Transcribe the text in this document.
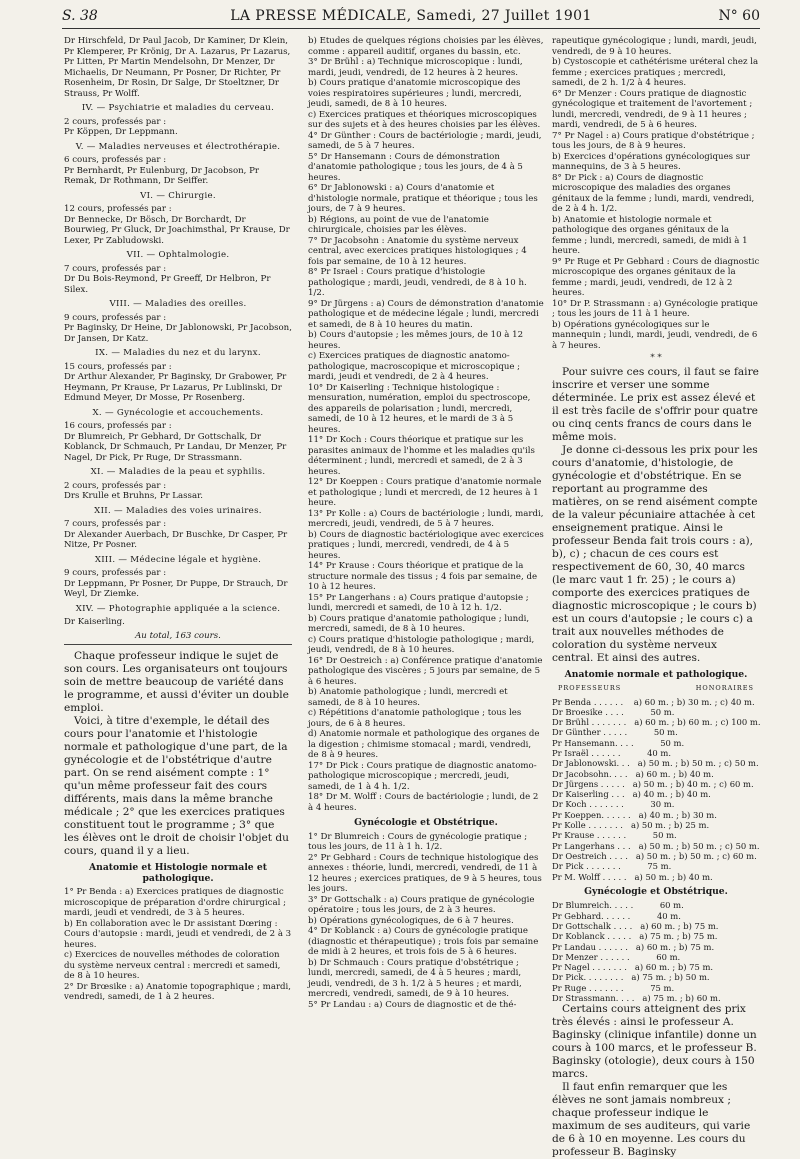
S. 38	LA PRESSE MÉDICALE, Samedi, 27 Juillet 1901	N° 60
Dr Hirschfeld, Dr Paul Jacob, Dr Kaminer, Dr Klein, Pr Klemperer, Pr Krönig, Dr A. Lazarus, Pr Lazarus, Pr Litten, Pr Martin Mendelsohn, Dr Menzer, Dr Michaelis, Dr Neumann, Pr Posner, Dr Richter, Pr Rosenheim, Dr Rosin, Dr Salge, Dr Stoeltzner, Dr Strauss, Pr Wolff.
IV. — Psychiatrie et maladies du cerveau.
2 cours, professés par :
Pr Köppen, Dr Leppmann.
V. — Maladies nerveuses et électrothérapie.
6 cours, professés par :
Pr Bernhardt, Pr Eulenburg, Dr Jacobson, Pr Remak, Dr Rothmann, Dr Seiffer.
VI. — Chirurgie.
12 cours, professés par :
Dr Bennecke, Dr Bösch, Dr Borchardt, Dr Bourwieg, Pr Gluck, Dr Joachimsthal, Pr Krause, Dr Lexer, Pr Zabludowski.
VII. — Ophtalmologie.
7 cours, professés par :
Dr Du Bois-Reymond, Pr Greeff, Dr Helbron, Pr Silex.
VIII. — Maladies des oreilles.
9 cours, professés par :
Pr Baginsky, Dr Heine, Dr Jablonowski, Pr Jacobson, Dr Jansen, Dr Katz.
IX. — Maladies du nez et du larynx.
15 cours, professés par :
Dr Arthur Alexander, Pr Baginsky, Dr Grabower, Pr Heymann, Pr Krause, Pr Lazarus, Pr Lublinski, Dr Edmund Meyer, Dr Mosse, Pr Rosenberg.
X. — Gynécologie et accouchements.
16 cours, professés par :
Dr Blumreich, Pr Gebhard, Dr Gottschalk, Dr Koblanck, Dr Schmauch, Pr Landau, Dr Menzer, Pr Nagel, Dr Pick, Pr Ruge, Dr Strassmann.
XI. — Maladies de la peau et syphilis.
2 cours, professés par :
Drs Krulle et Bruhns, Pr Lassar.
XII. — Maladies des voies urinaires.
7 cours, professés par :
Dr Alexander Auerbach, Dr Buschke, Dr Casper, Pr Nitze, Pr Posner.
XIII. — Médecine légale et hygiène.
9 cours, professés par :
Dr Leppmann, Pr Posner, Dr Puppe, Dr Strauch, Dr Weyl, Dr Ziemke.
XIV. — Photographie appliquée a la science.
Dr Kaiserling.
Au total, 163 cours.
Chaque professeur indique le sujet de son cours. Les organisateurs ont toujours soin de mettre beaucoup de variété dans le programme, et aussi d'éviter un double emploi.
Voici, à titre d'exemple, le détail des cours pour l'anatomie et l'histologie normale et pathologique d'une part, de la gynécologie et de l'obstétrique d'autre part. On se rend aisément compte : 1° qu'un même professeur fait des cours différents, mais dans la même branche médicale ; 2° que les exercices pratiques constituent tout le programme ; 3° que les élèves ont le droit de choisir l'objet du cours, quand il y a lieu.
Anatomie et Histologie normale et pathologique.
1° Pr Benda : a) Exercices pratiques de diagnostic microscopique de préparation d'ordre chirurgical ; mardi, jeudi et vendredi, de 3 à 5 heures.
b) En collaboration avec le Dr assistant Dœring : Cours d'autopsie : mardi, jeudi et vendredi, de 2 à 3 heures.
c) Exercices de nouvelles méthodes de coloration du système nerveux central : mercredi et samedi, de 8 à 10 heures.
2° Dr Brœsike : a) Anatomie topographique ; mardi, vendredi, samedi, de 1 à 2 heures.
b) Etudes de quelques régions choisies par les élèves, comme : appareil auditif, organes du bassin, etc.
3° Dr Brühl : a) Technique microscopique : lundi, mardi, jeudi, vendredi, de 12 heures à 2 heures.
b) Cours pratique d'anatomie microscopique des voies respiratoires supérieures ; lundi, mercredi, jeudi, samedi, de 8 à 10 heures.
c) Exercices pratiques et théoriques microscopiques sur des sujets et à des heures choisies par les élèves.
4° Dr Günther : Cours de bactériologie ; mardi, jeudi, samedi, de 5 à 7 heures.
5° Dr Hansemann : Cours de démonstration d'anatomie pathologique ; tous les jours, de 4 à 5 heures.
6° Dr Jablonowski : a) Cours d'anatomie et d'histologie normale, pratique et théorique ; tous les jours, de 7 à 9 heures.
b) Régions, au point de vue de l'anatomie chirurgicale, choisies par les élèves.
7° Dr Jacobsohn : Anatomie du système nerveux central, avec exercices pratiques histologiques ; 4 fois par semaine, de 10 à 12 heures.
8° Pr Israel : Cours pratique d'histologie pathologique ; mardi, jeudi, vendredi, de 8 à 10 h. 1/2.
9° Dr Jürgens : a) Cours de démonstration d'anatomie pathologique et de médecine légale ; lundi, mercredi et samedi, de 8 à 10 heures du matin.
b) Cours d'autopsie ; les mêmes jours, de 10 à 12 heures.
c) Exercices pratiques de diagnostic anatomo-pathologique, macroscopique et microscopique ; mardi, jeudi et vendredi, de 2 à 4 heures.
10° Dr Kaiserling : Technique histologique : mensuration, numération, emploi du spectroscope, des appareils de polarisation ; lundi, mercredi, samedi, de 10 à 12 heures, et le mardi de 3 à 5 heures.
11° Dr Koch : Cours théorique et pratique sur les parasites animaux de l'homme et les maladies qu'ils déterminent ; lundi, mercredi et samedi, de 2 à 3 heures.
12° Dr Koeppen : Cours pratique d'anatomie normale et pathologique ; lundi et mercredi, de 12 heures à 1 heure.
13° Pr Kolle : a) Cours de bactériologie ; lundi, mardi, mercredi, jeudi, vendredi, de 5 à 7 heures.
b) Cours de diagnostic bactériologique avec exercices pratiques ; lundi, mercredi, vendredi, de 4 à 5 heures.
14° Pr Krause : Cours théorique et pratique de la structure normale des tissus ; 4 fois par semaine, de 10 à 12 heures.
15° Pr Langerhans : a) Cours pratique d'autopsie ; lundi, mercredi et samedi, de 10 à 12 h. 1/2.
b) Cours pratique d'anatomie pathologique ; lundi, mercredi, samedi, de 8 à 10 heures.
c) Cours pratique d'histologie pathologique ; mardi, jeudi, vendredi, de 8 à 10 heures.
16° Dr Oestreich : a) Conférence pratique d'anatomie pathologique des viscères ; 5 jours par semaine, de 5 à 6 heures.
b) Anatomie pathologique ; lundi, mercredi et samedi, de 8 à 10 heures.
c) Répétitions d'anatomie pathologique ; tous les jours, de 6 à 8 heures.
d) Anatomie normale et pathologique des organes de la digestion ; chimisme stomacal ; mardi, vendredi, de 8 à 9 heures.
17° Dr Pick : Cours pratique de diagnostic anatomo-pathologique microscopique ; mercredi, jeudi, samedi, de 1 à 4 h. 1/2.
18° Dr M. Wolff : Cours de bactériologie ; lundi, de 2 à 4 heures.
Gynécologie et Obstétrique.
1° Dr Blumreich : Cours de gynécologie pratique ; tous les jours, de 11 à 1 h. 1/2.
2° Pr Gebhard : Cours de technique histologique des annexes : théorie, lundi, mercredi, vendredi, de 11 à 12 heures ; exercices pratiques, de 9 à 5 heures, tous les jours.
3° Dr Gottschalk : a) Cours pratique de gynécologie opératoire ; tous les jours, de 2 à 3 heures.
b) Opérations gynécologiques, de 6 à 7 heures.
4° Dr Koblanck : a) Cours de gynécologie pratique (diagnostic et thérapeutique) ; trois fois par semaine de midi à 2 heures, et trois fois de 5 à 6 heures.
b) Dr Schmauch : Cours pratique d'obstétrique ; lundi, mercredi, samedi, de 4 à 5 heures ; mardi, jeudi, vendredi, de 3 h. 1/2 à 5 heures ; et mardi, mercredi, vendredi, samedi, de 9 à 10 heures.
5° Pr Landau : a) Cours de diagnostic et de thé-
rapeutique gynécologique ; lundi, mardi, jeudi, vendredi, de 9 à 10 heures.
b) Cystoscopie et cathétérisme uréteral chez la femme ; exercices pratiques ; mercredi, samedi, de 2 h. 1/2 à 4 heures.
6° Dr Menzer : Cours pratique de diagnostic gynécologique et traitement de l'avortement ; lundi, mercredi, vendredi, de 9 à 11 heures ; mardi, vendredi, de 5 à 6 heures.
7° Pr Nagel : a) Cours pratique d'obstétrique ; tous les jours, de 8 à 9 heures.
b) Exercices d'opérations gynécologiques sur mannequins, de 3 à 5 heures.
8° Dr Pick : a) Cours de diagnostic microscopique des maladies des organes génitaux de la femme ; lundi, mardi, vendredi, de 2 à 4 h. 1/2.
b) Anatomie et histologie normale et pathologique des organes génitaux de la femme ; lundi, mercredi, samedi, de midi à 1 heure.
9° Pr Ruge et Pr Gebhard : Cours de diagnostic microscopique des organes génitaux de la femme ; mardi, jeudi, vendredi, de 12 à 2 heures.
10° Dr P. Strassmann : a) Gynécologie pratique ; tous les jours de 11 à 1 heure.
b) Opérations gynécologiques sur le mannequin ; lundi, mardi, jeudi, vendredi, de 6 à 7 heures.
* *
Pour suivre ces cours, il faut se faire inscrire et verser une somme déterminée. Le prix est assez élevé et il est très facile de s'offrir pour quatre ou cinq cents francs de cours dans le même mois.
Je donne ci-dessous les prix pour les cours d'anatomie, d'histologie, de gynécologie et d'obstétrique. En se reportant au programme des matières, on se rend aisément compte de la valeur pécuniaire attachée à cet enseignement pratique. Ainsi le professeur Benda fait trois cours : a), b), c) ; chacun de ces cours est respectivement de 60, 30, 40 marcs (le marc vaut 1 fr. 25) ; le cours a) comporte des exercices pratiques de diagnostic microscopique ; le cours b) est un cours d'autopsie ; le cours c) a trait aux nouvelles méthodes de coloration du système nerveux central. Et ainsi des autres.
Anatomie normale et pathologique.
PROFESSEURS	HONORAIRES
Pr Benda . . . . . .    a) 60 m. ; b) 30 m. ; c) 40 m.
Dr Broesike . . . .          50 m.
Dr Brühl . . . . . . .   a) 60 m. ; b) 60 m. ; c) 100 m.
Dr Günther . . . . .          50 m.
Pr Hansemann. . . .          50 m.
Pr Israël . . . . . .          40 m.
Dr Jablonowski. . .   a) 50 m. ; b) 50 m. ; c) 50 m.
Dr Jacobsohn. . . .   a) 60 m. ; b) 40 m.
Dr Jürgens . . . . .   a) 50 m. ; b) 40 m. ; c) 60 m.
Dr Kaiserling . . .   a) 40 m. ; b) 40 m.
Dr Koch . . . . . . .          30 m.
Pr Koeppen. . . . . .   a) 40 m. ; b) 30 m.
Pr Kolle . . . . . . .   a) 50 m. ; b) 25 m.
Pr Krause . . . . . .          50 m.
Pr Langerhans . . .   a) 50 m. ; b) 50 m. ; c) 50 m.
Dr Oestreich . . . .   a) 50 m. ; b) 50 m. ; c) 60 m.
Dr Pick . . . . . . .          75 m.
Pr M. Wolff . . . . .   a) 50 m. ; b) 40 m.
Gynécologie et Obstétrique.
Dr Blumreich. . . . .          60 m.
Pr Gebhard. . . . . .          40 m.
Dr Gottschalk . . . .   a) 60 m. ; b) 75 m.
Dr Koblanck . . . . .   a) 75 m. ; b) 75 m.
Pr Landau . . . . . .   a) 60 m. ; b) 75 m.
Dr Menzer . . . . . .          60 m.
Pr Nagel . . . . . . .   a) 60 m. ; b) 75 m.
Dr Pick. . . . . . . .   a) 75 m. ; b) 50 m.
Pr Ruge . . . . . . .          75 m.
Dr Strassmann. . . .   a) 75 m. ; b) 60 m.
Certains cours atteignent des prix très élevés : ainsi le professeur A. Baginsky (clinique infantile) donne un cours à 100 marcs, et le professeur B. Baginsky (otologie), deux cours à 150 marcs.
Il faut enfin remarquer que les élèves ne sont jamais nombreux ; chaque professeur indique le maximum de ses auditeurs, qui varie de 6 à 10 en moyenne. Les cours du professeur B. Baginsky
